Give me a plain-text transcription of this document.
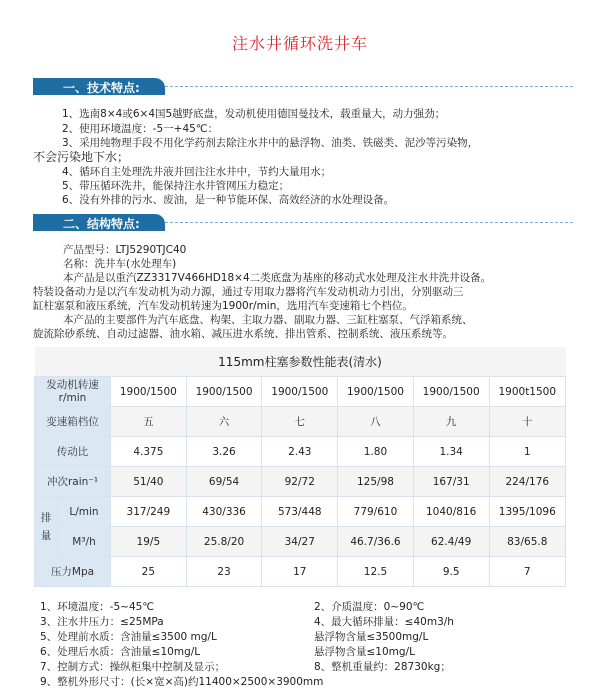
注水井循环洗井车
一、技术特点:
1、选南8×4或6×4国5越野底盘，发动机使用德国曼技术，载重量大，动力强劲；
2、使用环境温度：-5一+45℃：
3、采用纯物理手段不用化学药剂去除注水井中的悬浮物、油类、铁磁类、泥沙等污染物，
不会污染地下水；
4、循环自主处理洗井液并回注注水井中，节约大量用水；
5、带压循环洗井，能保持注水井管网压力稳定；
6、没有外排的污水、废油，是一种节能环保、高效经济的水处理设备。
二、结构特点:
产品型号：LTJ5290TJC40
名称：洗井车(水处理车)
本产品是以重汽ZZ3317V466HD18×4二类底盘为基座的移动式水处理及注水井洗井设备。
特装设备动力是以汽车发动机为动力源，通过专用取力器将汽车发动机动力引出，分别驱动三
缸柱塞泵和液压系统，汽车发动机转速为1900r/min，选用汽车变速箱七个档位。
本产品的主要部件为汽车底盘、构架、主取力器、副取力器、三缸柱塞泵、气浮箱系统、
旋流除砂系统、自动过滤器、油水箱、减压进水系统、排出管系、控制系统、液压系统等。
115mm柱塞参数性能表(清水)							
发动机转速
r/min		1900/1500	1900/1500	1900/1500	1900/1500	1900/1500	1900t1500
变速箱档位		五	六	七	八	九	十
传动比		4.375	3.26	2.43	1.80	1.34	1
冲次rain⁻¹		51/40	69/54	92/72	125/98	167/31	224/176
排
量	L/min	317/249	430/336	573/448	779/610	1040/816	1395/1096
	M³/h	19/5	25.8/20	34/27	46.7/36.6	62.4/49	83/65.8
压力Mpa		25	23	17	12.5	9.5	7
1、环境温度：-5~45℃	2、介质温度：0~90℃
3、注水井压力：≤25MPa	4、最大循环排量：≤40m3/h
5、处理前水质：含油量≤3500 mg/L	悬浮物含量≤3500mg/L
6、处理后水质：含油量≤10mg/L	悬浮物含量≤10mg/L
7、控制方式：操纵柜集中控制及显示；	8、整机重量约：28730kg；
9、整机外形尺寸：(长×宽×高)约11400×2500×3900mm
